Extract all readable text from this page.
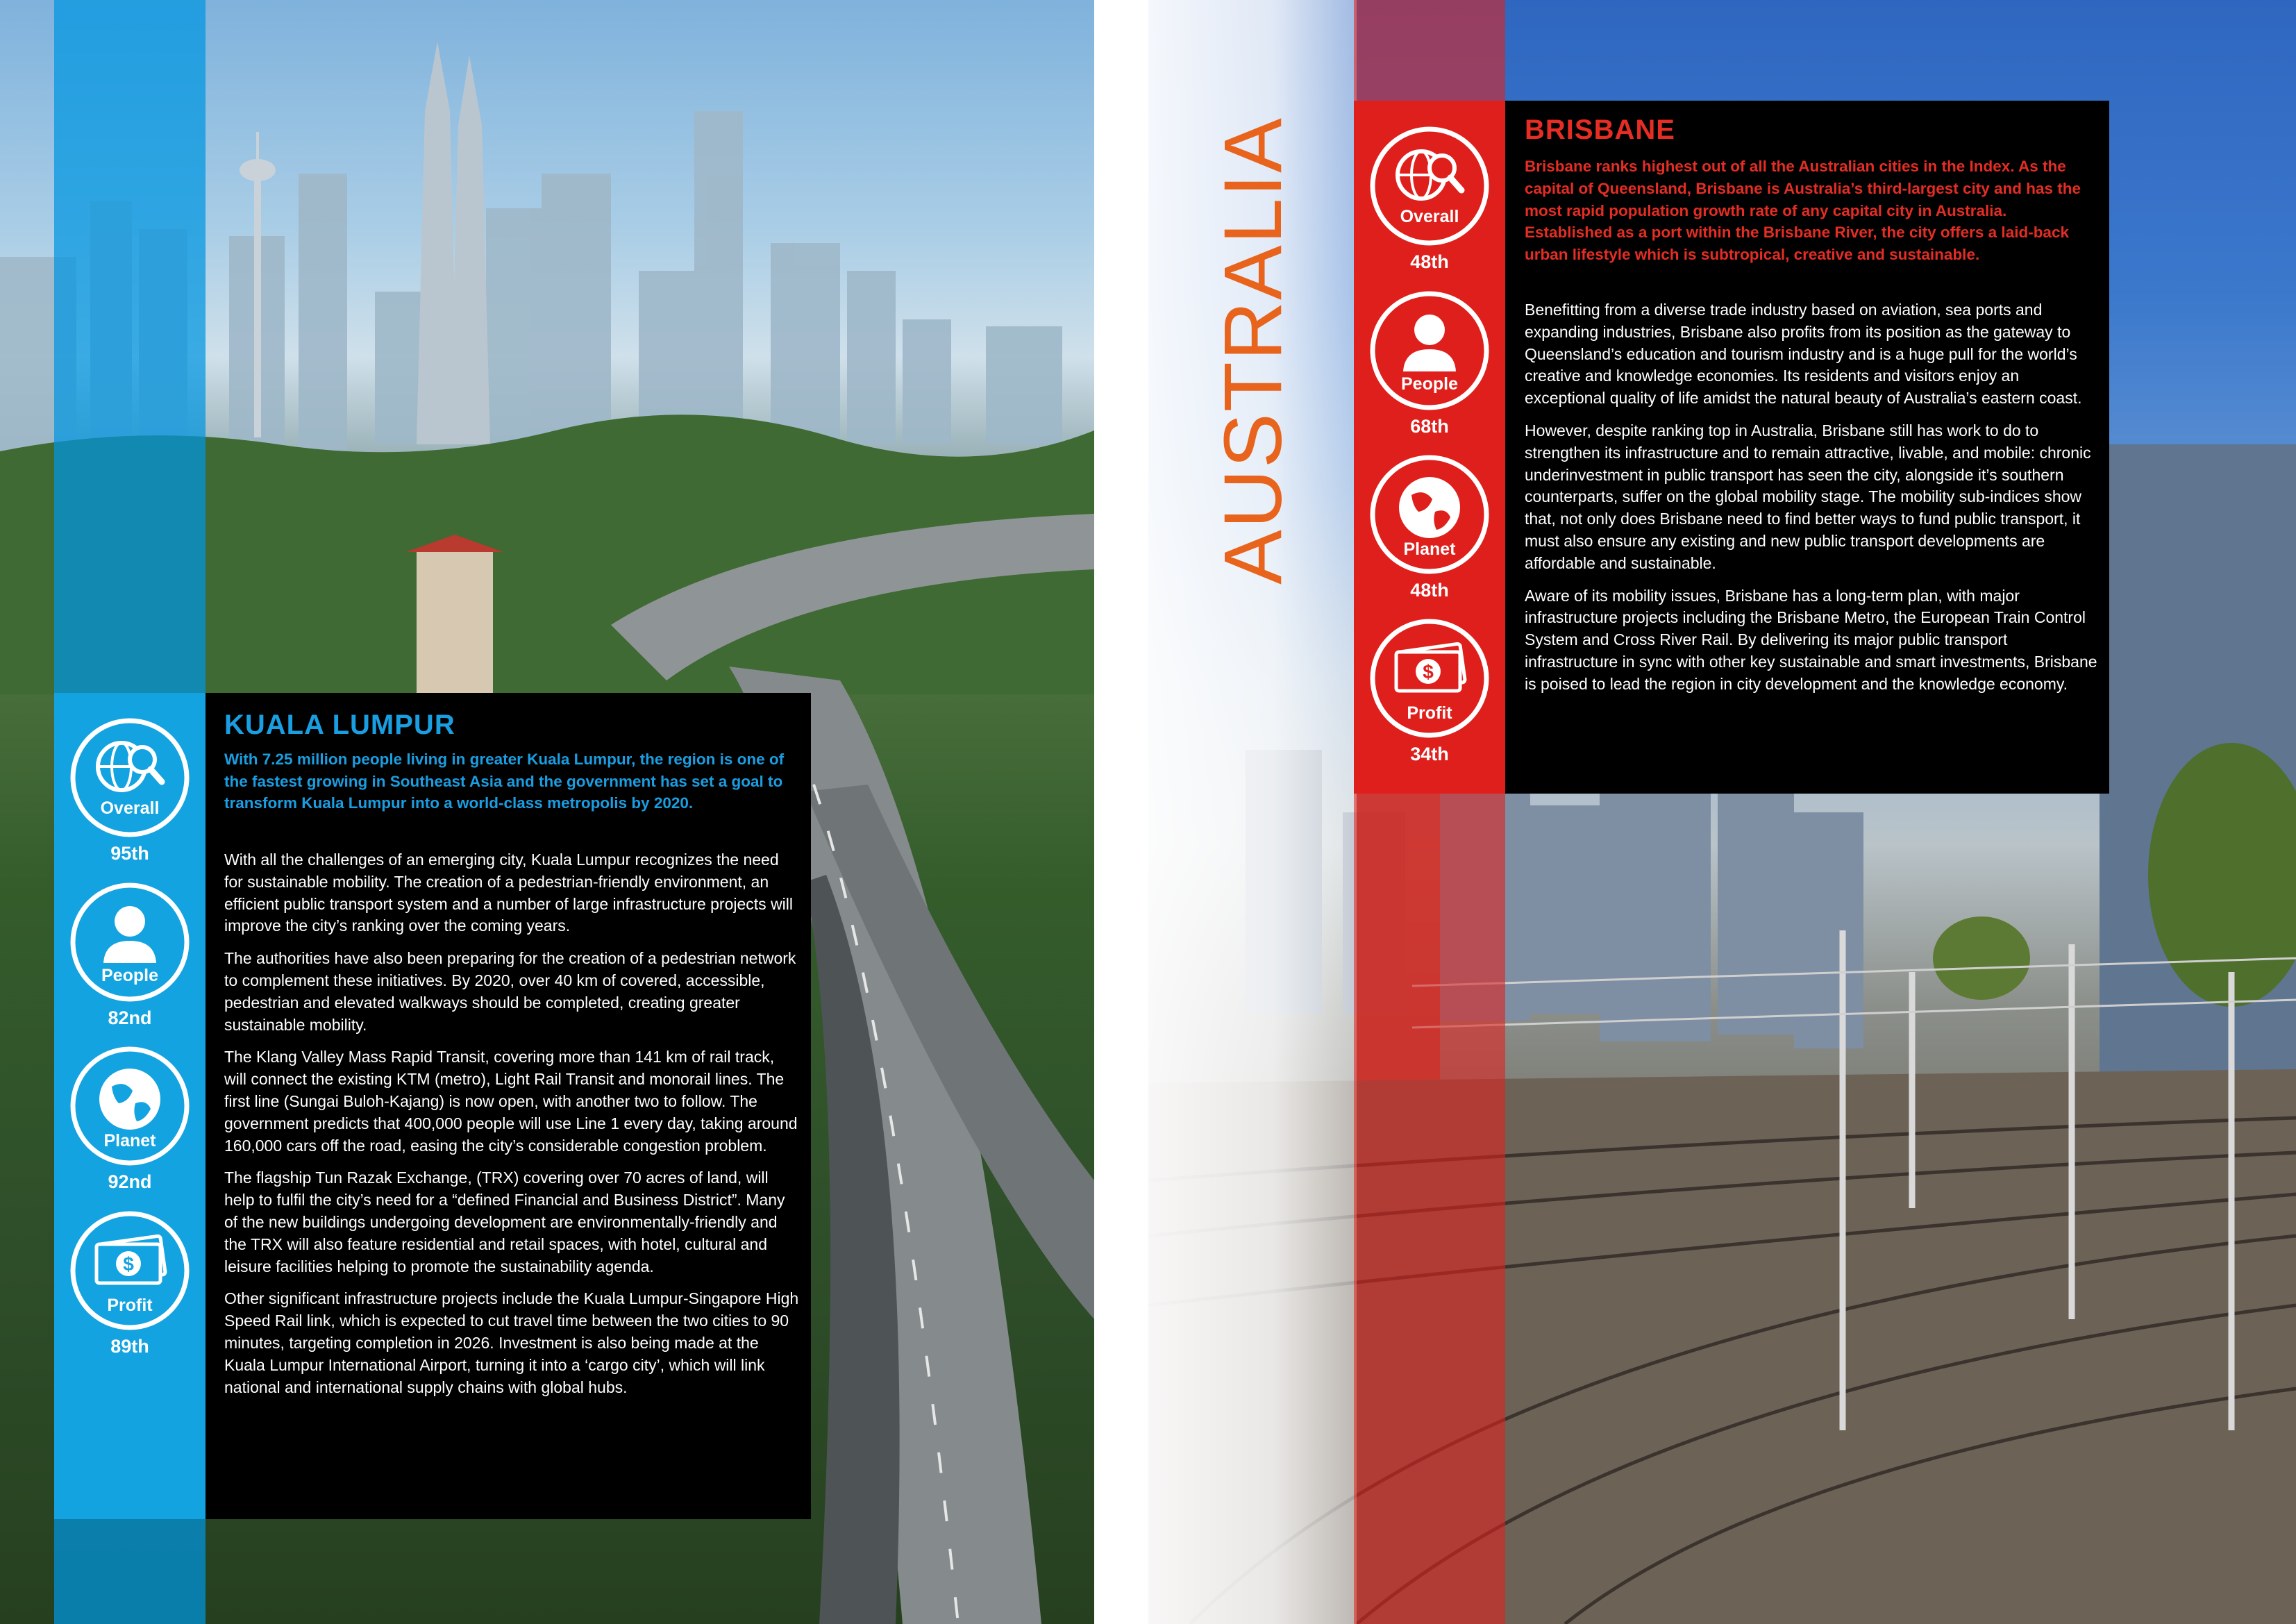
KUALA LUMPUR
With 7.25 million people living in greater Kuala Lumpur, the region is one of the fastest growing in Southeast Asia and the government has set a goal to transform Kuala Lumpur into a world-class metropolis by 2020.

With all the challenges of an emerging city, Kuala Lumpur recognizes the need for sustainable mobility. The creation of a pedestrian-friendly environment, an efficient public transport system and a number of large infrastructure projects will improve the city’s ranking over the coming years.

The authorities have also been preparing for the creation of a pedestrian network to complement these initiatives. By 2020, over 40 km of covered, accessible, pedestrian and elevated walkways should be completed, creating greater sustainable mobility.

The Klang Valley Mass Rapid Transit, covering more than 141 km of rail track, will connect the existing KTM (metro), Light Rail Transit and monorail lines. The first line (Sungai Buloh-Kajang) is now open, with another two to follow. The government predicts that 400,000 people will use Line 1 every day, taking around 160,000 cars off the road, easing the city’s considerable congestion problem.

The flagship Tun Razak Exchange, (TRX) covering over 70 acres of land, will help to fulfil the city’s need for a “defined Financial and Business District”. Many of the new buildings undergoing development are environmentally-friendly and the TRX will also feature residential and retail spaces, with hotel, cultural and leisure facilities helping to promote the sustainability agenda.

Other significant infrastructure projects include the Kuala Lumpur-Singapore High Speed Rail link, which is expected to cut travel time between the two cities to 90 minutes, targeting completion in 2026. Investment is also being made at the Kuala Lumpur International Airport, turning it into a ‘cargo city’, which will link national and international supply chains with global hubs.

Overall
95th
People
82nd
Planet
92nd
$
Profit
89th
AUSTRALIA	BRISBANE
Brisbane ranks highest out of all the Australian cities in the Index. As the capital of Queensland, Brisbane is Australia’s third-largest city and has the most rapid population growth rate of any capital city in Australia. Established as a port within the Brisbane River, the city offers a laid-back urban lifestyle which is subtropical, creative and sustainable.

Benefitting from a diverse trade industry based on aviation, sea ports and expanding industries, Brisbane also profits from its position as the gateway to Queensland’s education and tourism industry and is a huge pull for the world’s creative and knowledge economies. Its residents and visitors enjoy an exceptional quality of life amidst the natural beauty of Australia’s eastern coast.

However, despite ranking top in Australia, Brisbane still has work to do to strengthen its infrastructure and to remain attractive, livable, and mobile: chronic underinvestment in public transport has seen the city, alongside it’s southern counterparts, suffer on the global mobility stage. The mobility sub-indices show that, not only does Brisbane need to find better ways to fund public transport, it must also ensure any existing and new public transport developments are affordable and sustainable.

Aware of its mobility issues, Brisbane has a long-term plan, with major infrastructure projects including the Brisbane Metro, the European Train Control System and Cross River Rail. By delivering its major public transport infrastructure in sync with other key sustainable and smart investments, Brisbane is poised to lead the region in city development and the knowledge economy.

Overall
48th
People
68th
Planet
48th
$
Profit
34th
